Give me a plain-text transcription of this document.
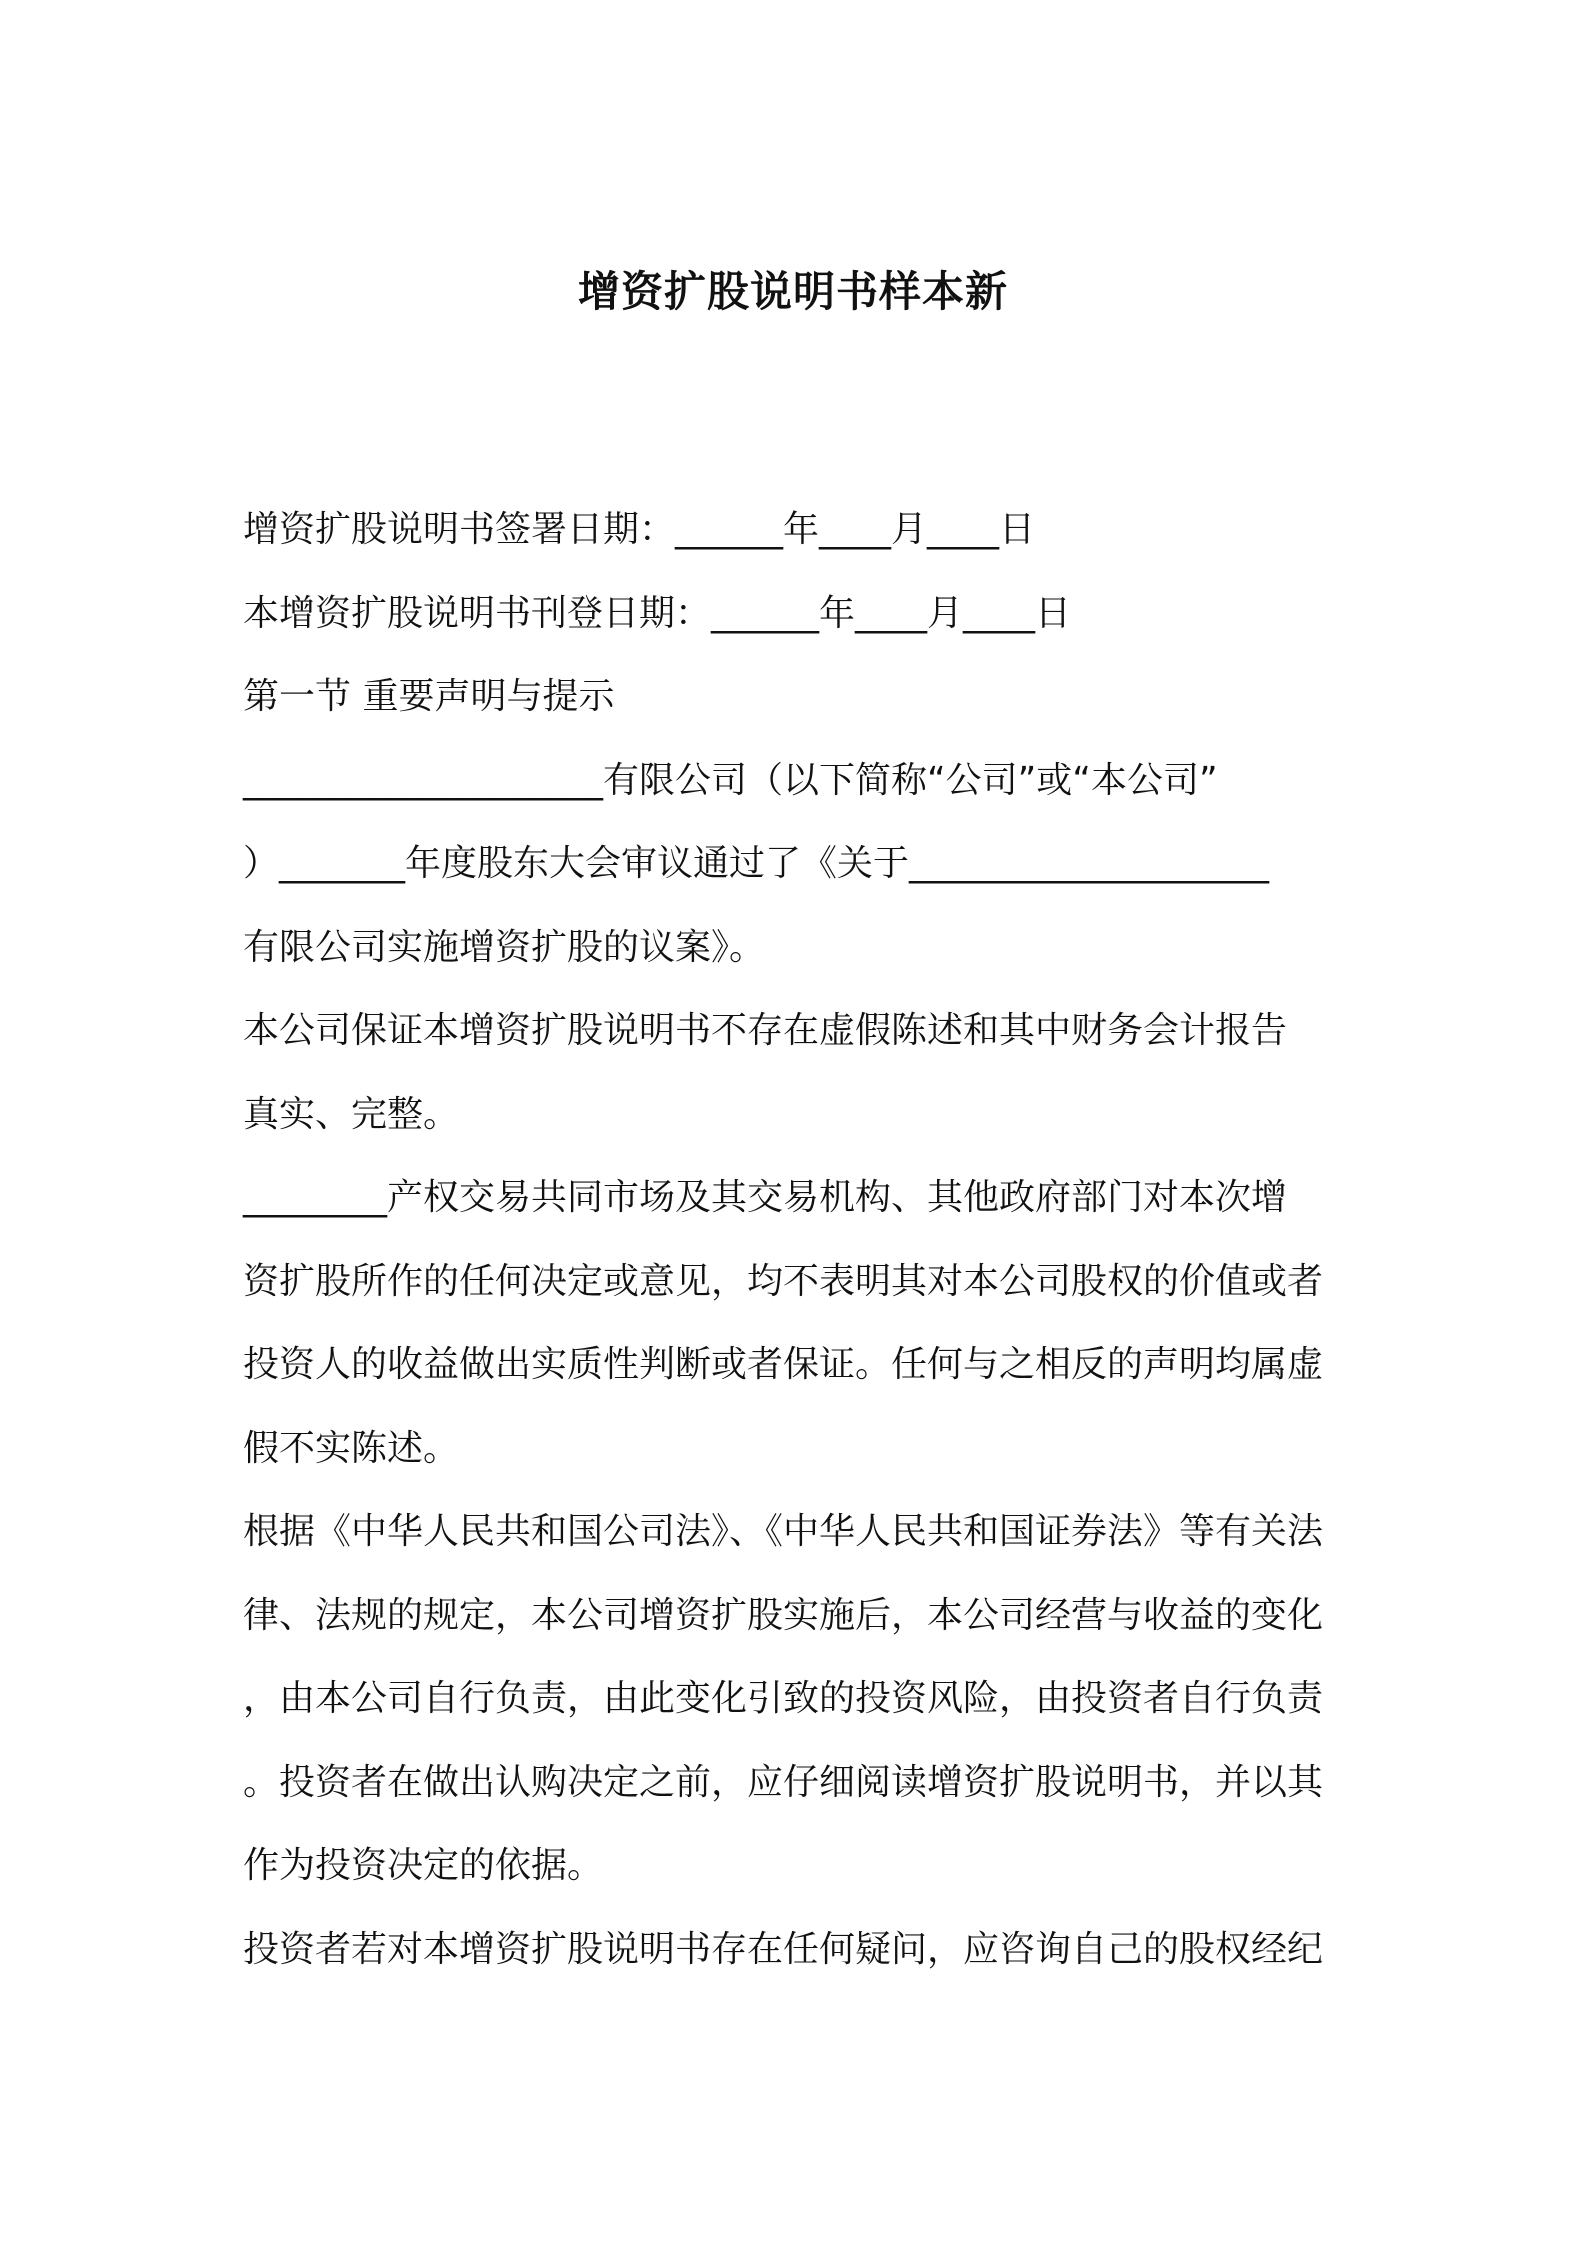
增资扩股说明书样本新
增资扩股说明书签署日期：______年____月____日
本增资扩股说明书刊登日期：______年____月____日
第一节 重要声明与提示
____________________有限公司（以下简称“公司”或“本公司”
）_______年度股东大会审议通过了《关于____________________
有限公司实施增资扩股的议案》。
本公司保证本增资扩股说明书不存在虚假陈述和其中财务会计报告
真实、完整。
________产权交易共同市场及其交易机构、其他政府部门对本次增
资扩股所作的任何决定或意见，均不表明其对本公司股权的价值或者
投资人的收益做出实质性判断或者保证。任何与之相反的声明均属虚
假不实陈述。
根据《中华人民共和国公司法》、《中华人民共和国证券法》等有关法
律、法规的规定，本公司增资扩股实施后，本公司经营与收益的变化
，由本公司自行负责，由此变化引致的投资风险，由投资者自行负责
。投资者在做出认购决定之前，应仔细阅读增资扩股说明书，并以其
作为投资决定的依据。
投资者若对本增资扩股说明书存在任何疑问，应咨询自己的股权经纪
